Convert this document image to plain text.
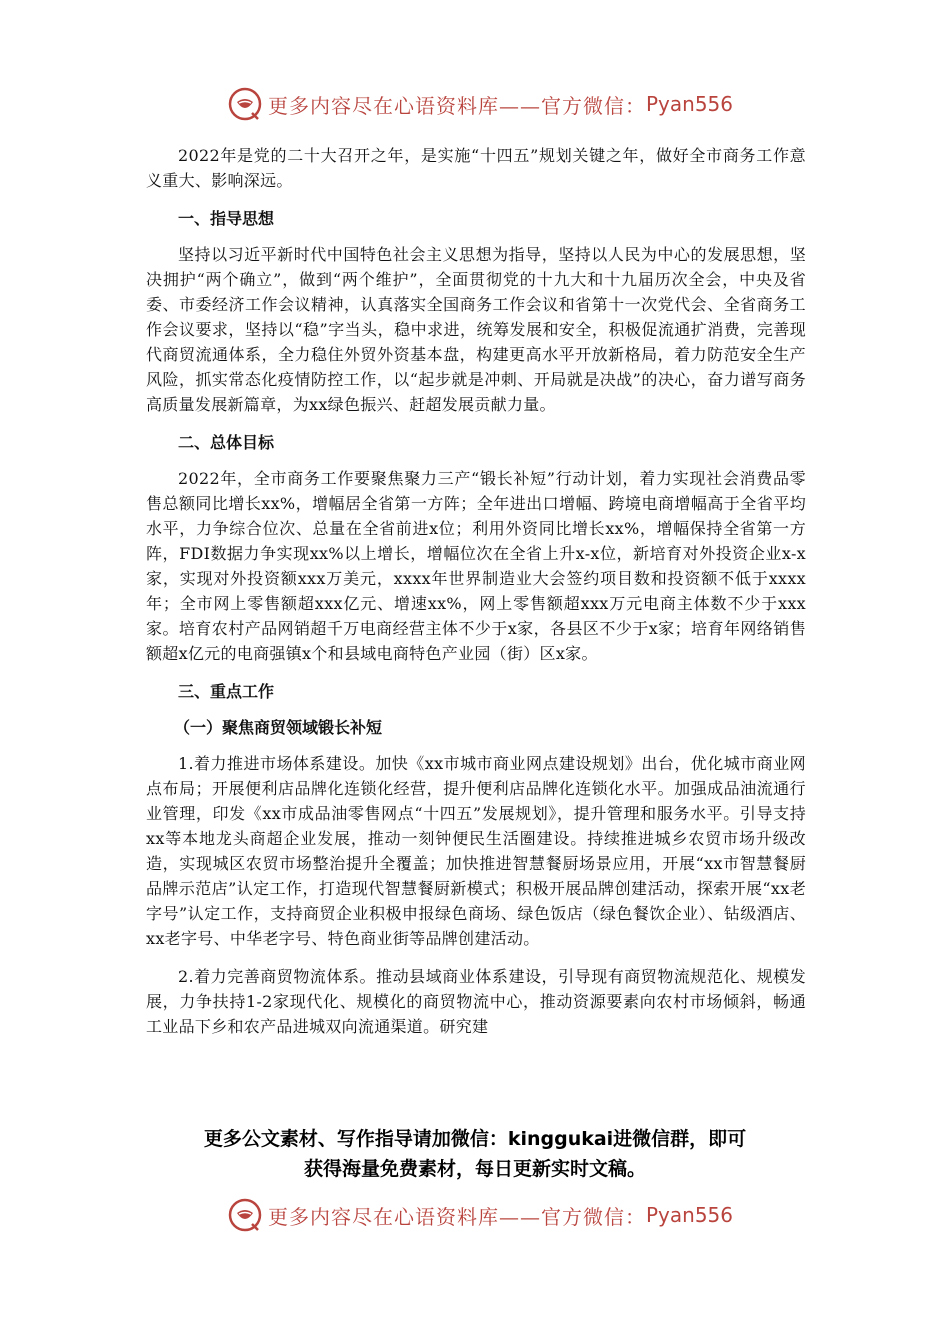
更多内容尽在心语资料库——官方微信： Pyan556

2022年是党的二十大召开之年，是实施“十四五”规划关键之年，做好全市商务工作意义重大、影响深远。

一、指导思想

坚持以习近平新时代中国特色社会主义思想为指导，坚持以人民为中心的发展思想，坚决拥护“两个确立”，做到“两个维护”，全面贯彻党的十九大和十九届历次全会，中央及省委、市委经济工作会议精神，认真落实全国商务工作会议和省第十一次党代会、全省商务工作会议要求，坚持以“稳”字当头，稳中求进，统筹发展和安全，积极促流通扩消费，完善现代商贸流通体系，全力稳住外贸外资基本盘，构建更高水平开放新格局，着力防范安全生产风险，抓实常态化疫情防控工作，以“起步就是冲刺、开局就是决战”的决心，奋力谱写商务高质量发展新篇章，为xx绿色振兴、赶超发展贡献力量。

二、总体目标

2022年，全市商务工作要聚焦聚力三产“锻长补短”行动计划，着力实现社会消费品零售总额同比增长xx%，增幅居全省第一方阵；全年进出口增幅、跨境电商增幅高于全省平均水平，力争综合位次、总量在全省前进x位；利用外资同比增长xx%，增幅保持全省第一方阵，FDI数据力争实现xx%以上增长，增幅位次在全省上升x-x位，新培育对外投资企业x-x家，实现对外投资额xxx万美元，xxxx年世界制造业大会签约项目数和投资额不低于xxxx年；全市网上零售额超xxx亿元、增速xx%，网上零售额超xxx万元电商主体数不少于xxx家。培育农村产品网销超千万电商经营主体不少于x家，各县区不少于x家；培育年网络销售额超x亿元的电商强镇x个和县域电商特色产业园（街）区x家。

三、重点工作

（一）聚焦商贸领域锻长补短

1.着力推进市场体系建设。加快《xx市城市商业网点建设规划》出台，优化城市商业网点布局；开展便利店品牌化连锁化经营，提升便利店品牌化连锁化水平。加强成品油流通行业管理，印发《xx市成品油零售网点“十四五”发展规划》，提升管理和服务水平。引导支持xx等本地龙头商超企业发展，推动一刻钟便民生活圈建设。持续推进城乡农贸市场升级改造，实现城区农贸市场整治提升全覆盖；加快推进智慧餐厨场景应用，开展“xx市智慧餐厨品牌示范店”认定工作，打造现代智慧餐厨新模式；积极开展品牌创建活动，探索开展“xx老字号”认定工作，支持商贸企业积极申报绿色商场、绿色饭店（绿色餐饮企业）、钻级酒店、xx老字号、中华老字号、特色商业街等品牌创建活动。

2.着力完善商贸物流体系。推动县域商业体系建设，引导现有商贸物流规范化、规模发展，力争扶持1-2家现代化、规模化的商贸物流中心，推动资源要素向农村市场倾斜，畅通工业品下乡和农产品进城双向流通渠道。研究建

更多公文素材、写作指导请加微信：kinggukai进微信群，即可
获得海量免费素材，每日更新实时文稿。
更多内容尽在心语资料库——官方微信： Pyan556
